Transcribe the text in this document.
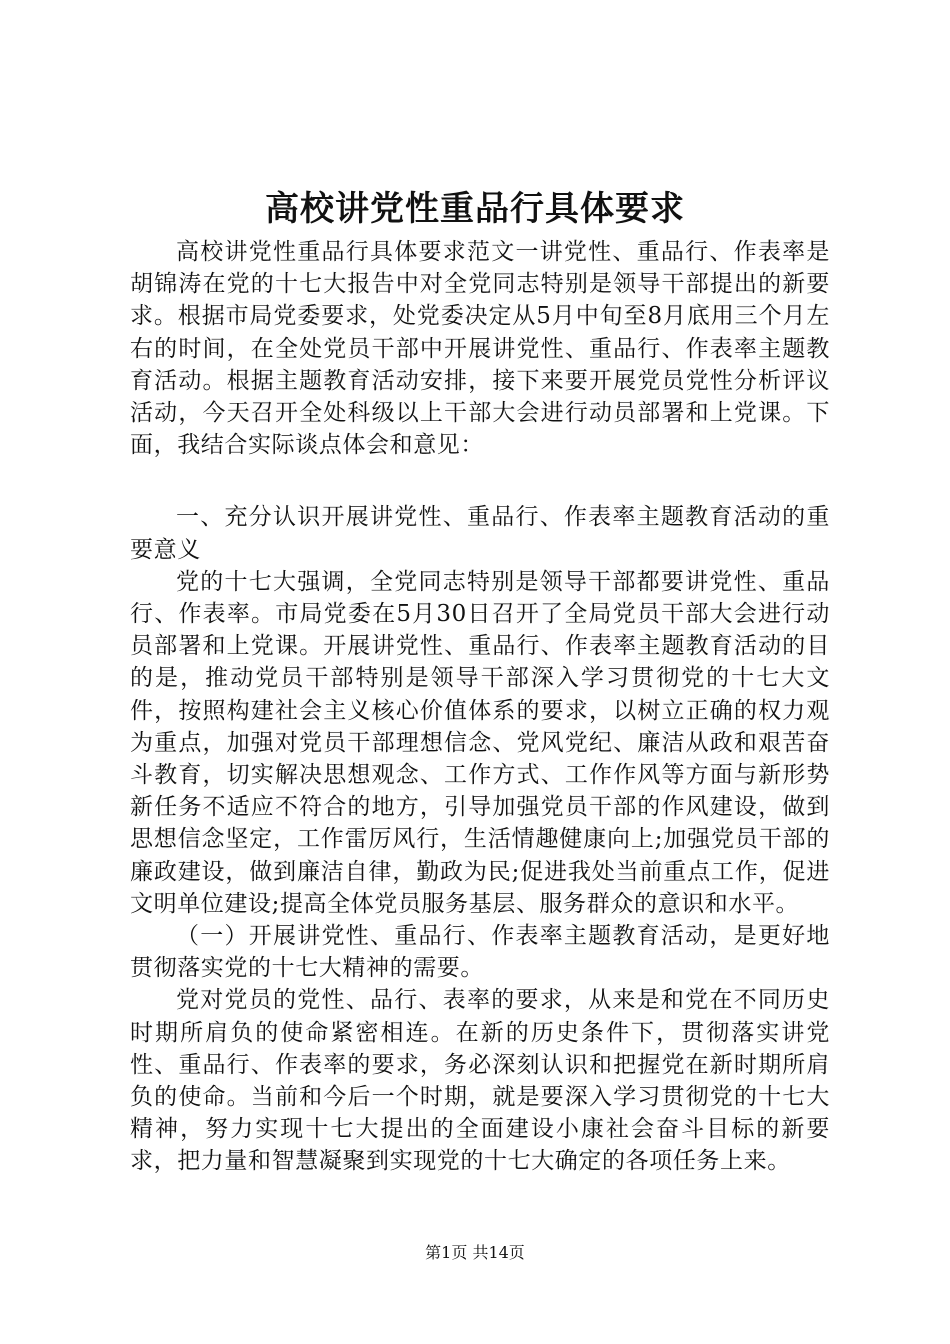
高校讲党性重品行具体要求

高校讲党性重品行具体要求范文一讲党性、重品行、作表率是胡锦涛在党的十七大报告中对全党同志特别是领导干部提出的新要求。根据市局党委要求，处党委决定从5月中旬至8月底用三个月左右的时间，在全处党员干部中开展讲党性、重品行、作表率主题教育活动。根据主题教育活动安排，接下来要开展党员党性分析评议活动，今天召开全处科级以上干部大会进行动员部署和上党课。下面，我结合实际谈点体会和意见：

一、充分认识开展讲党性、重品行、作表率主题教育活动的重要意义

党的十七大强调，全党同志特别是领导干部都要讲党性、重品行、作表率。市局党委在5月30日召开了全局党员干部大会进行动员部署和上党课。开展讲党性、重品行、作表率主题教育活动的目的是，推动党员干部特别是领导干部深入学习贯彻党的十七大文件，按照构建社会主义核心价值体系的要求，以树立正确的权力观为重点，加强对党员干部理想信念、党风党纪、廉洁从政和艰苦奋斗教育，切实解决思想观念、工作方式、工作作风等方面与新形势新任务不适应不符合的地方，引导加强党员干部的作风建设，做到思想信念坚定，工作雷厉风行，生活情趣健康向上;加强党员干部的廉政建设，做到廉洁自律，勤政为民;促进我处当前重点工作，促进文明单位建设;提高全体党员服务基层、服务群众的意识和水平。

（一）开展讲党性、重品行、作表率主题教育活动，是更好地贯彻落实党的十七大精神的需要。

党对党员的党性、品行、表率的要求，从来是和党在不同历史时期所肩负的使命紧密相连。在新的历史条件下，贯彻落实讲党性、重品行、作表率的要求，务必深刻认识和把握党在新时期所肩负的使命。当前和今后一个时期，就是要深入学习贯彻党的十七大精神，努力实现十七大提出的全面建设小康社会奋斗目标的新要求，把力量和智慧凝聚到实现党的十七大确定的各项任务上来。

第1页 共14页
